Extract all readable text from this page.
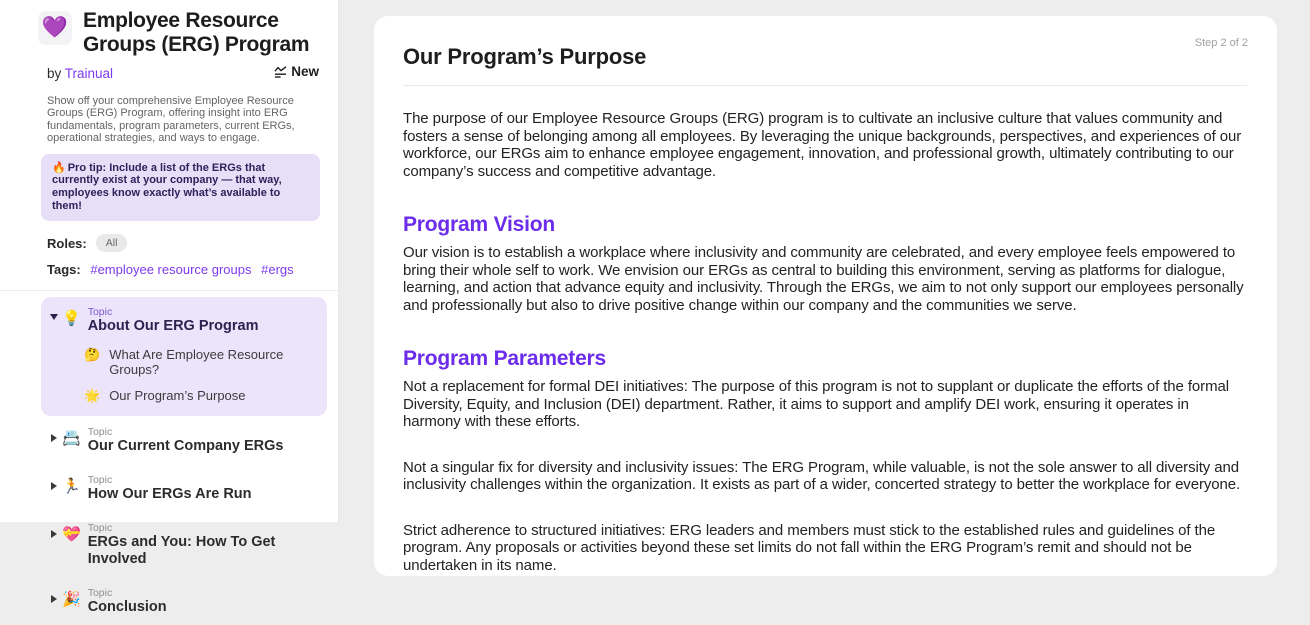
💜 Employee Resource Groups (ERG) Program
by Trainual	New

Show off your comprehensive Employee Resource Groups (ERG) Program, offering insight into ERG fundamentals, program parameters, current ERGs, operational strategies, and ways to engage.

🔥 Pro tip: Include a list of the ERGs that currently exist at your company — that way, employees know exactly what’s available to them!
Roles:	All
Tags: #employee resource groups #ergs
💡 Topic
About Our ERG Program
🤔 What Are Employee Resource Groups?
🌟 Our Program’s Purpose
📇 Topic
Our Current Company ERGs
🏃 Topic
How Our ERGs Are Run
💝 Topic
ERGs and You: How To Get Involved
🎉 Topic
Conclusion
Step 2 of 2
Our Program’s Purpose

The purpose of our Employee Resource Groups (ERG) program is to cultivate an inclusive culture that values community and fosters a sense of belonging among all employees. By leveraging the unique backgrounds, perspectives, and experiences of our workforce, our ERGs aim to enhance employee engagement, innovation, and professional growth, ultimately contributing to our company’s success and competitive advantage.

Program Vision

Our vision is to establish a workplace where inclusivity and community are celebrated, and every employee feels empowered to bring their whole self to work. We envision our ERGs as central to building this environment, serving as platforms for dialogue, learning, and action that advance equity and inclusivity. Through the ERGs, we aim to not only support our employees personally and professionally but also to drive positive change within our company and the communities we serve.

Program Parameters

Not a replacement for formal DEI initiatives: The purpose of this program is not to supplant or duplicate the efforts of the formal Diversity, Equity, and Inclusion (DEI) department. Rather, it aims to support and amplify DEI work, ensuring it operates in harmony with these efforts.

Not a singular fix for diversity and inclusivity issues: The ERG Program, while valuable, is not the sole answer to all diversity and inclusivity challenges within the organization. It exists as part of a wider, concerted strategy to better the workplace for everyone.

Strict adherence to structured initiatives: ERG leaders and members must stick to the established rules and guidelines of the program. Any proposals or activities beyond these set limits do not fall within the ERG Program’s remit and should not be undertaken in its name.
